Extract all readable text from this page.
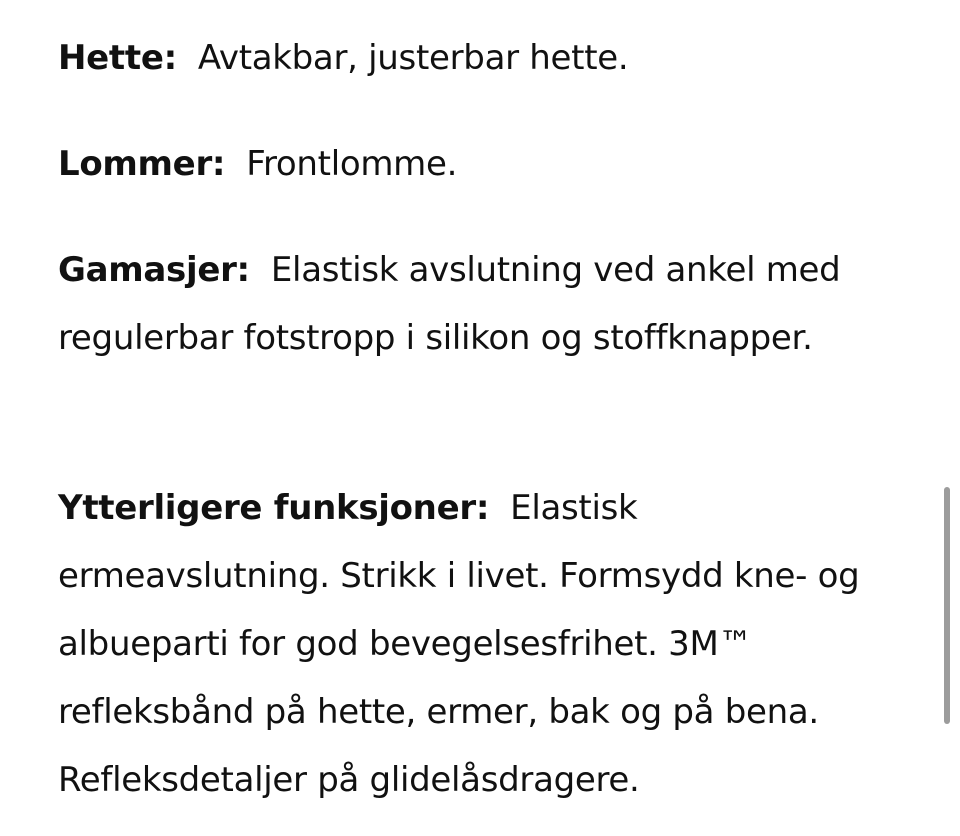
Hette: Avtakbar, justerbar hette.

Lommer: Frontlomme.

Gamasjer: Elastisk avslutning ved ankel med regulerbar fotstropp i silikon og stoffknapper.

Ytterligere funksjoner: Elastisk ermeavslutning. Strikk i livet. Formsydd kne- og albueparti for god bevegelsesfrihet. 3M™ refleksbånd på hette, ermer, bak og på bena. Refleksdetaljer på glidelåsdragere.
